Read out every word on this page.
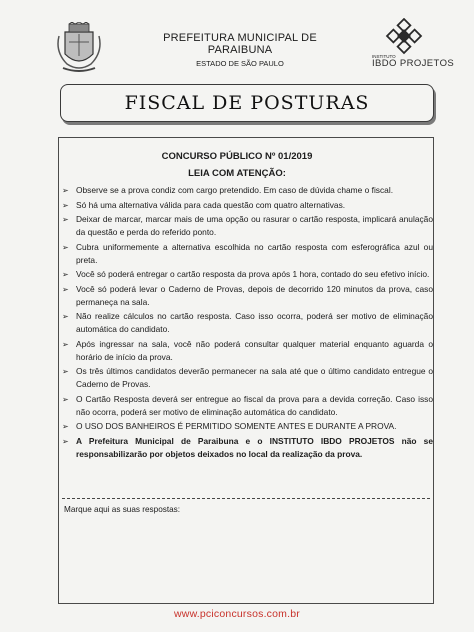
PREFEITURA MUNICIPAL DE PARAIBUNA
ESTADO DE SÃO PAULO
INSTITUTO
IBDO PROJETOS
FISCAL DE POSTURAS
CONCURSO PÚBLICO Nº 01/2019
LEIA COM ATENÇÃO:
➢ Observe se a prova condiz com cargo pretendido. Em caso de dúvida chame o fiscal.
➢ Só há uma alternativa válida para cada questão com quatro alternativas.
➢ Deixar de marcar, marcar mais de uma opção ou rasurar o cartão resposta, implicará anulação da questão e perda do referido ponto.
➢ Cubra uniformemente a alternativa escolhida no cartão resposta com esferográfica azul ou preta.
➢ Você só poderá entregar o cartão resposta da prova após 1 hora, contado do seu efetivo início.
➢ Você só poderá levar o Caderno de Provas, depois de decorrido 120 minutos da prova, caso permaneça na sala.
➢ Não realize cálculos no cartão resposta. Caso isso ocorra, poderá ser motivo de eliminação automática do candidato.
➢ Após ingressar na sala, você não poderá consultar qualquer material enquanto aguarda o horário de início da prova.
➢ Os três últimos candidatos deverão permanecer na sala até que o último candidato entregue o Caderno de Provas.
➢ O Cartão Resposta deverá ser entregue ao fiscal da prova para a devida correção. Caso isso não ocorra, poderá ser motivo de eliminação automática do candidato.
➢ O USO DOS BANHEIROS É PERMITIDO SOMENTE ANTES E DURANTE A PROVA.
➢ A Prefeitura Municipal de Paraibuna e o INSTITUTO IBDO PROJETOS não se responsabilizarão por objetos deixados no local da realização da prova.
Marque aqui as suas respostas:
www.pciconcursos.com.br
